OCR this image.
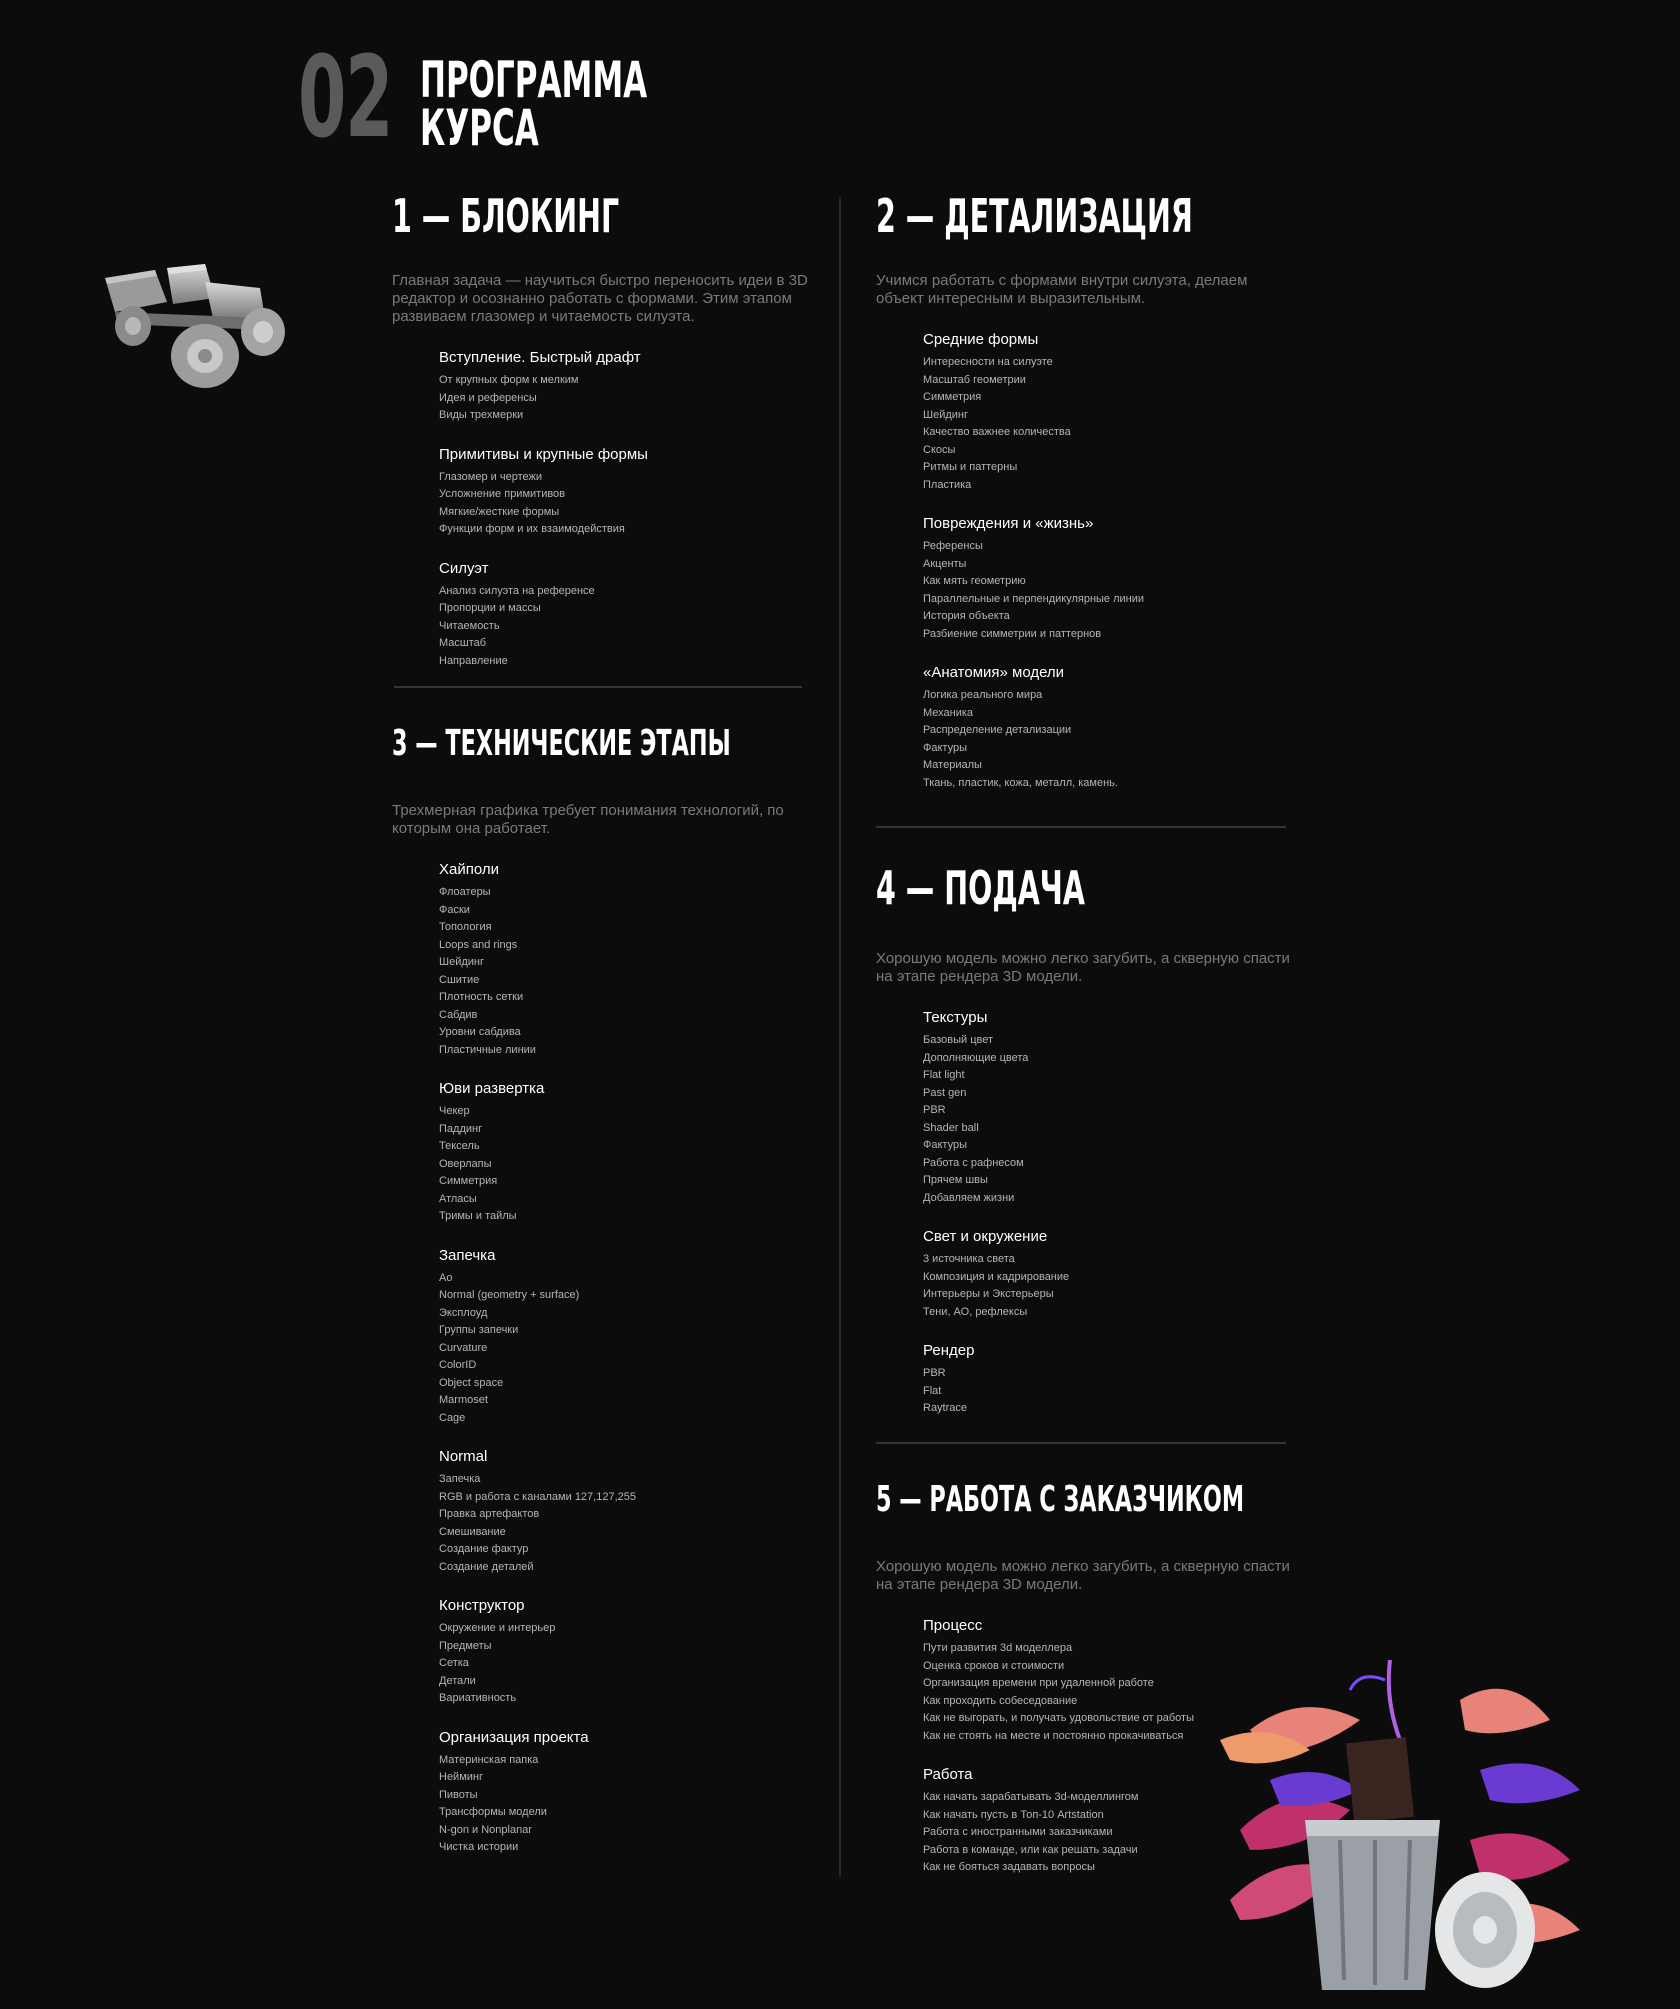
02 ПРОГРАММА
КУРСА
1 — БЛОКИНГ
Главная задача — научиться быстро переносить идеи в 3D редактор и осознанно работать с формами. Этим этапом развиваем глазомер и читаемость силуэта.
Вступление. Быстрый драфт
От крупных форм к мелким
Идея и референсы
Виды трехмерки
Примитивы и крупные формы
Глазомер и чертежи
Усложнение примитивов
Мягкие/жесткие формы
Функции форм и их взаимодействия
Силуэт
Анализ силуэта на референсе
Пропорции и массы
Читаемость
Масштаб
Направление
2 — ДЕТАЛИЗАЦИЯ
Учимся работать с формами внутри силуэта, делаем объект интересным и выразительным.
Средние формы
Интересности на силуэте
Масштаб геометрии
Симметрия
Шейдинг
Качество важнее количества
Скосы
Ритмы и паттерны
Пластика
Повреждения и «жизнь»
Референсы
Акценты
Как мять геометрию
Параллельные и перпендикулярные линии
История объекта
Разбиение симметрии и паттернов
«Анатомия» модели
Логика реального мира
Механика
Распределение детализации
Фактуры
Материалы
Ткань, пластик, кожа, металл, камень.
3 — ТЕХНИЧЕСКИЕ ЭТАПЫ
Трехмерная графика требует понимания технологий, по которым она работает.
Хайполи
Флоатеры
Фаски
Топология
Loops and rings
Шейдинг
Сшитие
Плотность сетки
Сабдив
Уровни сабдива
Пластичные линии
Юви развертка
Чекер
Паддинг
Тексель
Оверлапы
Симметрия
Атласы
Тримы и тайлы
Запечка
Ao
Normal (geometry + surface)
Эксплоуд
Группы запечки
Curvature
ColorID
Object space
Marmoset
Cage
Normal
Запечка
RGB и работа с каналами 127,127,255
Правка артефактов
Смешивание
Создание фактур
Создание деталей
Конструктор
Окружение и интерьер
Предметы
Сетка
Детали
Вариативность
Организация проекта
Материнская папка
Нейминг
Пивоты
Трансформы модели
N-gon и Nonplanar
Чистка истории
4 — ПОДАЧА
Хорошую модель можно легко загубить, а скверную спасти на этапе рендера 3D модели.
Текстуры
Базовый цвет
Дополняющие цвета
Flat light
Past gen
PBR
Shader ball
Фактуры
Работа с рафнесом
Прячем швы
Добавляем жизни
Свет и окружение
3 источника света
Композиция и кадрирование
Интерьеры и Экстерьеры
Тени, АО, рефлексы
Рендер
PBR
Flat
Raytrace
5 — РАБОТА С ЗАКАЗЧИКОМ
Хорошую модель можно легко загубить, а скверную спасти на этапе рендера 3D модели.
Процесс
Пути развития 3d моделлера
Оценка сроков и стоимости
Организация времени при удаленной работе
Как проходить собеседование
Как не выгорать, и получать удовольствие от работы
Как не стоять на месте и постоянно прокачиваться
Работа
Как начать зарабатывать 3d-моделлингом
Как начать пусть в Топ-10 Artstation
Работа с иностранными заказчиками
Работа в команде, или как решать задачи
Как не бояться задавать вопросы
